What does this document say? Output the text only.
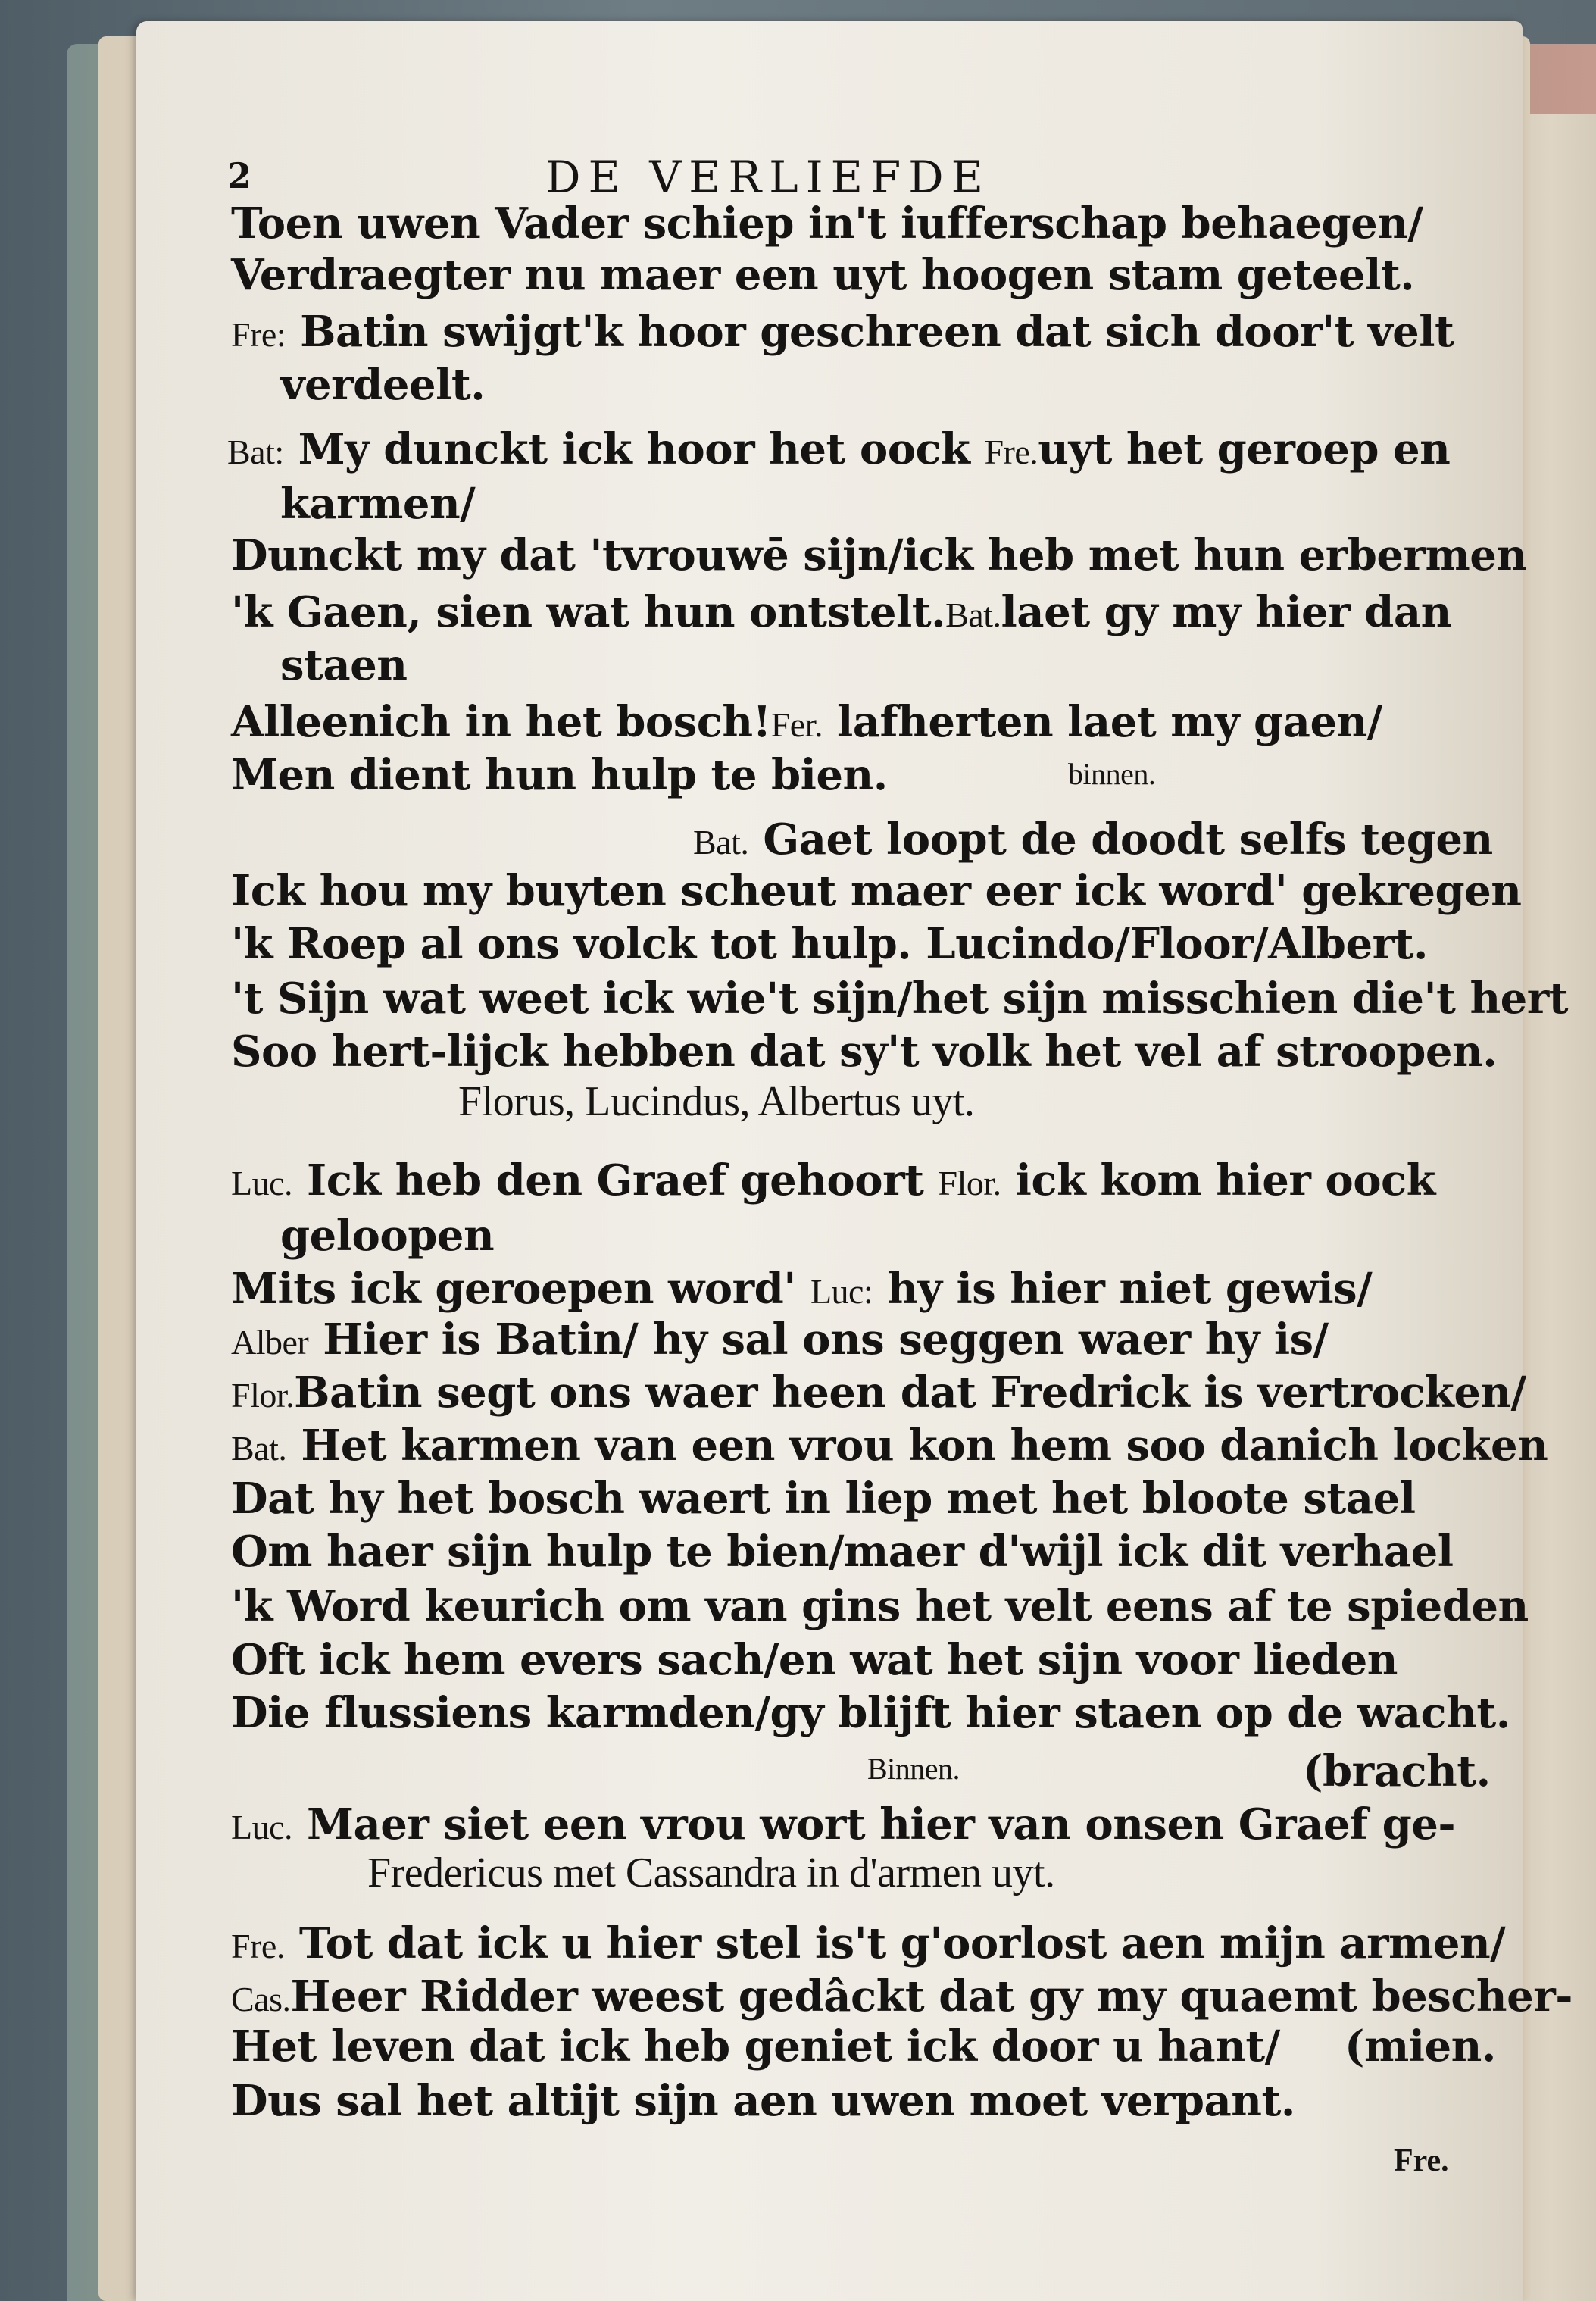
2	DE VERLIEFDE
Toen uwen Vader schiep in't iufferschap behaegen/
Verdraegter nu maer een uyt hoogen stam geteelt.
Fre: Batin swijgt'k hoor geschreen dat sich door't velt
verdeelt.
Bat: My dunckt ick hoor het oock Fre.uyt het geroep en
karmen/
Dunckt my dat 'tvrouwē sijn/ick heb met hun erbermen
'k Gaen, sien wat hun ontstelt.Bat.laet gy my hier dan
staen
Alleenich in het bosch!Fer. lafherten laet my gaen/
Men dient hun hulp te bien.	binnen.
Bat. Gaet loopt de doodt selfs tegen
Ick hou my buyten scheut maer eer ick word' gekregen
'k Roep al ons volck tot hulp. Lucindo/Floor/Albert.
't Sijn wat weet ick wie't sijn/het sijn misschien die't hert
Soo hert-lijck hebben dat sy't volk het vel af stroopen.
Florus, Lucindus, Albertus uyt.
Luc. Ick heb den Graef gehoort Flor. ick kom hier oock
geloopen
Mits ick geroepen word' Luc: hy is hier niet gewis/
Alber Hier is Batin/ hy sal ons seggen waer hy is/
Flor.Batin segt ons waer heen dat Fredrick is vertrocken/
Bat. Het karmen van een vrou kon hem soo danich locken
Dat hy het bosch waert in liep met het bloote stael
Om haer sijn hulp te bien/maer d'wijl ick dit verhael
'k Word keurich om van gins het velt eens af te spieden
Oft ick hem evers sach/en wat het sijn voor lieden
Die flussiens karmden/gy blijft hier staen op de wacht.
Binnen.	(bracht.
Luc. Maer siet een vrou wort hier van onsen Graef ge-
Fredericus met Cassandra in d'armen uyt.
Fre. Tot dat ick u hier stel is't g'oorlost aen mijn armen/
Cas.Heer Ridder weest gedâckt dat gy my quaemt bescher-
Het leven dat ick heb geniet ick door u hant/ (mien.
Dus sal het altijt sijn aen uwen moet verpant.
Fre.
